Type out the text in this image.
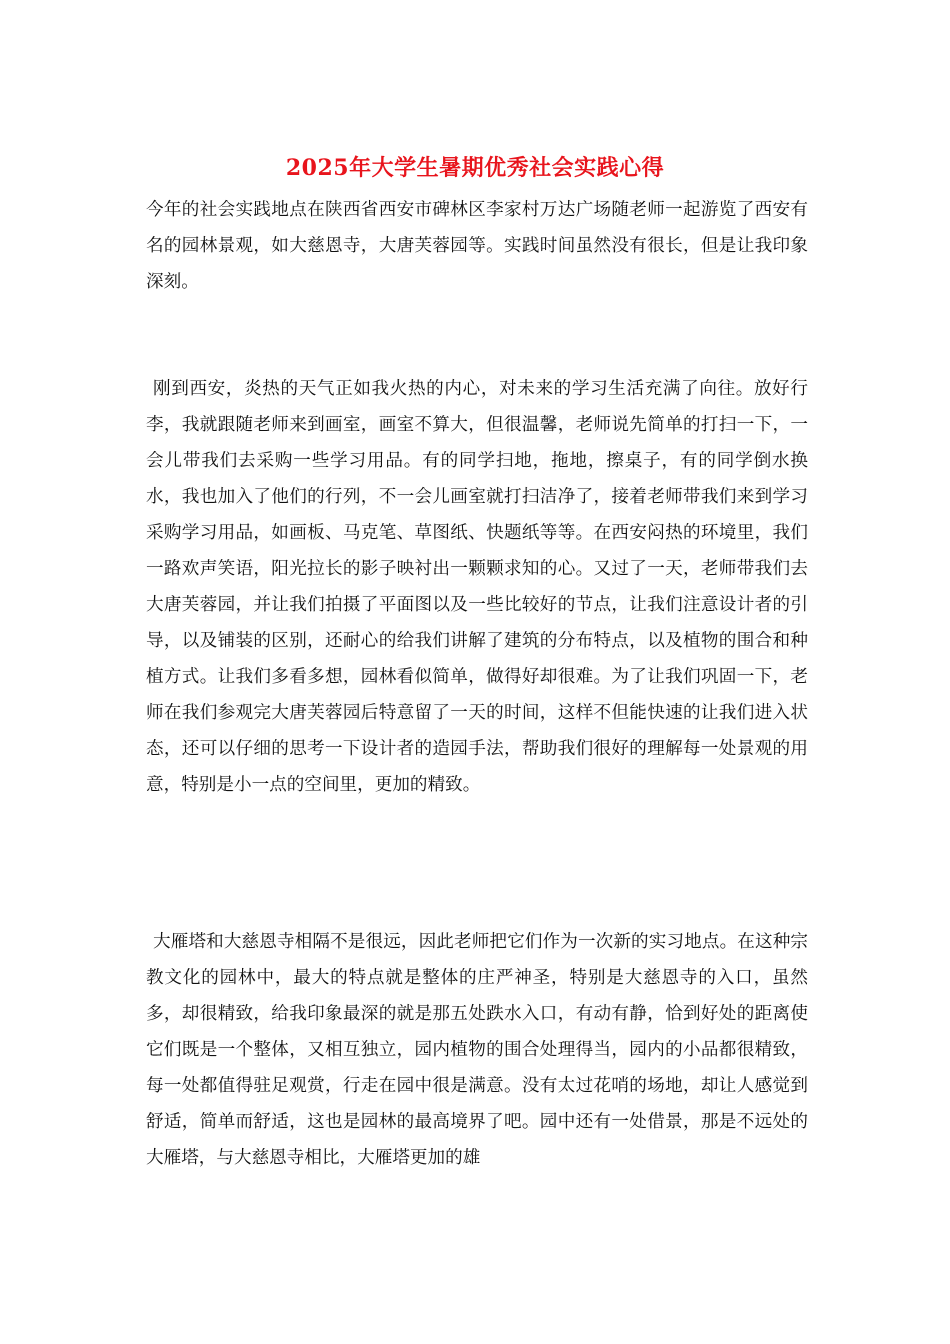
2025年大学生暑期优秀社会实践心得

今年的社会实践地点在陕西省西安市碑林区李家村万达广场随老师一起游览了西安有名的园林景观，如大慈恩寺，大唐芙蓉园等。实践时间虽然没有很长，但是让我印象深刻。

刚到西安，炎热的天气正如我火热的内心，对未来的学习生活充满了向往。放好行李，我就跟随老师来到画室，画室不算大，但很温馨，老师说先简单的打扫一下，一会儿带我们去采购一些学习用品。有的同学扫地，拖地，擦桌子，有的同学倒水换水，我也加入了他们的行列，不一会儿画室就打扫洁净了，接着老师带我们来到学习采购学习用品，如画板、马克笔、草图纸、快题纸等等。在西安闷热的环境里，我们一路欢声笑语，阳光拉长的影子映衬出一颗颗求知的心。又过了一天，老师带我们去大唐芙蓉园，并让我们拍摄了平面图以及一些比较好的节点，让我们注意设计者的引导，以及铺装的区别，还耐心的给我们讲解了建筑的分布特点，以及植物的围合和种植方式。让我们多看多想，园林看似简单，做得好却很难。为了让我们巩固一下，老师在我们参观完大唐芙蓉园后特意留了一天的时间，这样不但能快速的让我们进入状态，还可以仔细的思考一下设计者的造园手法，帮助我们很好的理解每一处景观的用意，特别是小一点的空间里，更加的精致。

大雁塔和大慈恩寺相隔不是很远，因此老师把它们作为一次新的实习地点。在这种宗教文化的园林中，最大的特点就是整体的庄严神圣，特别是大慈恩寺的入口，虽然多，却很精致，给我印象最深的就是那五处跌水入口，有动有静，恰到好处的距离使它们既是一个整体，又相互独立，园内植物的围合处理得当，园内的小品都很精致，每一处都值得驻足观赏，行走在园中很是满意。没有太过花哨的场地，却让人感觉到舒适，简单而舒适，这也是园林的最高境界了吧。园中还有一处借景，那是不远处的大雁塔，与大慈恩寺相比，大雁塔更加的雄
